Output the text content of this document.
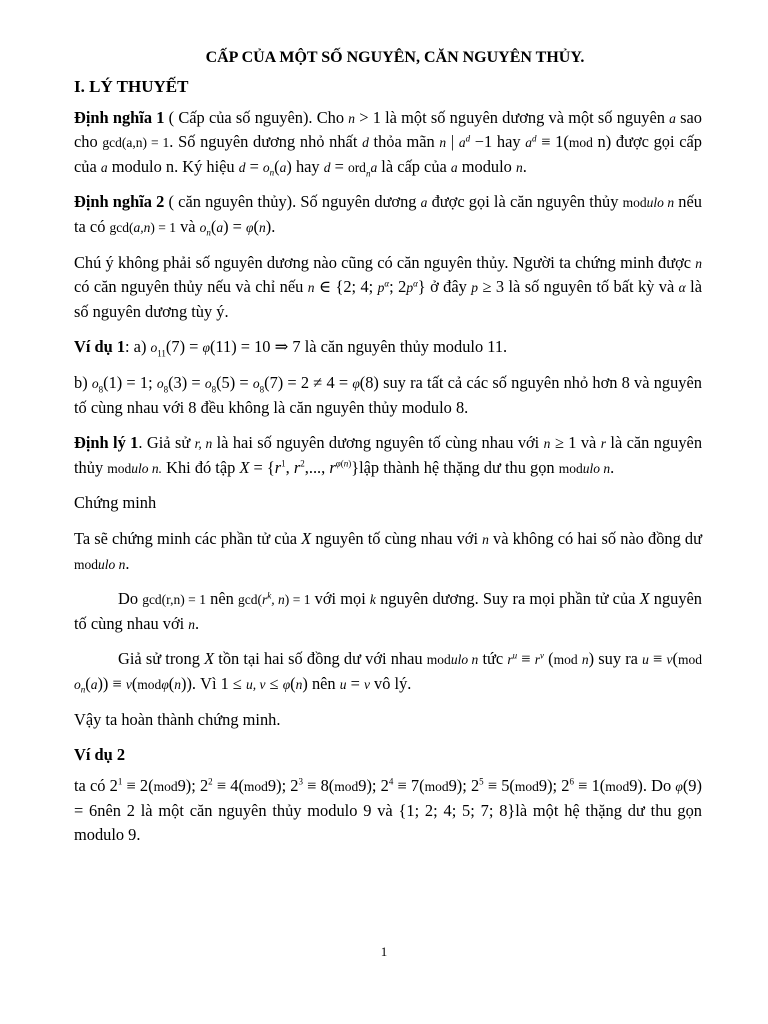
CẤP CỦA MỘT SỐ NGUYÊN, CĂN NGUYÊN THỦY.
I. LÝ THUYẾT

Định nghĩa 1 ( Cấp của số nguyên). Cho n > 1 là một số nguyên dương và một số nguyên a sao cho gcd(a,n) = 1. Số nguyên dương nhỏ nhất d thỏa mãn n | $a^d -1$ hay $a^d \equiv 1(mod$ n) được gọi cấp của a modulo n. Ký hiệu $d = o_n(a)$ hay d = ord$_n$a là cấp của a modulo n.

Định nghĩa 2 ( căn nguyên thủy). Số nguyên dương a được gọi là căn nguyên thủy modulo n nếu ta có gcd(a,n) = 1 và $o_n(a) = \varphi(n)$.

Chú ý không phải số nguyên dương nào cũng có căn nguyên thủy. Người ta chứng minh được n có căn nguyên thủy nếu và chỉ nếu n ∈ {2; 4; $p^\alpha$; $2p^\alpha$} ở đây p ≥ 3 là số nguyên tố bất kỳ và α là số nguyên dương tùy ý.

Ví dụ 1: a) $o_{11}(7) = \varphi(11) = 10$ ⇒ 7 là căn nguyên thủy modulo 11.

b) $o_8(1) = 1$; $o_8(3) = o_8(5) = o_8(7) = 2 \ne 4 = \varphi(8)$ suy ra tất cả các số nguyên nhỏ hơn 8 và nguyên tố cùng nhau với 8 đều không là căn nguyên thủy modulo 8.

Định lý 1. Giả sử r, n là hai số nguyên dương nguyên tố cùng nhau với n ≥ 1 và r là căn nguyên thủy modulo n. Khi đó tập $X = \{r^1$, $r^2$,..., $r^{\varphi(n)}\}lập$ thành hệ thặng dư thu gọn modulo n.

Chứng minh

Ta sẽ chứng minh các phần tử của X nguyên tố cùng nhau với n và không có hai số nào đồng dư modulo n.

Do gcd(r,n) = 1 nên $\gcd(r^k$, n) = 1 với mọi k nguyên dương. Suy ra mọi phần tử của X nguyên tố cùng nhau với n.

Giả sử trong X tồn tại hai số đồng dư với nhau modulo n tức $r^u \equiv r^v$ (mod n) suy ra u ≡ v(mod $o_n(a)) \equiv v(mod\varphi(n))$. Vì 1 ≤ u, v ≤ φ(n) nên u = v vô lý.

Vậy ta hoàn thành chứng minh.

Ví dụ 2

ta có $2^1 \equiv 2(mod9)$; $2^2 \equiv 4(mod9)$; $2^3 \equiv 8(mod9)$; $2^4 \equiv 7(mod9)$; $2^5 \equiv 5(mod9)$; $2^6 \equiv 1(mod9)$. Do φ(9) = 6nên 2 là một căn nguyên thủy modulo 9 và {1; 2; 4; 5; 7; 8}là một hệ thặng dư thu gọn modulo 9.

1
